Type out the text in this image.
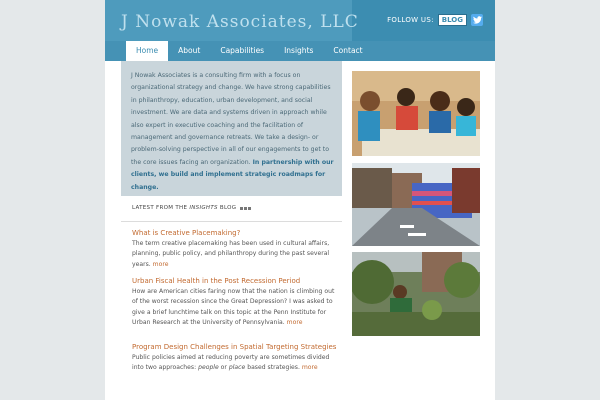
J Nowak Associates, LLC	FOLLOW US:	BLOG
Home	About	Capabilities	Insights	Contact

J Nowak Associates is a consulting firm with a focus on organizational strategy and change. We have strong capabilities in philanthropy, education, urban development, and social investment. We are data and systems driven in approach while also expert in executive coaching and the facilitation of management and governance retreats. We take a design- or problem-solving perspective in all of our engagements to get to the core issues facing an organization. In partnership with our clients, we build and implement strategic roadmaps for change.

LATEST FROM THE INSIGHTS BLOG
What is Creative Placemaking?

The term creative placemaking has been used in cultural affairs, planning, public policy, and philanthropy during the past several years. more

Urban Fiscal Health in the Post Recession Period

How are American cities faring now that the nation is climbing out of the worst recession since the Great Depression? I was asked to give a brief lunchtime talk on this topic at the Penn Institute for Urban Research at the University of Pennsylvania. more

Program Design Challenges in Spatial Targeting Strategies

Public policies aimed at reducing poverty are sometimes divided into two approaches: people or place based strategies. more
